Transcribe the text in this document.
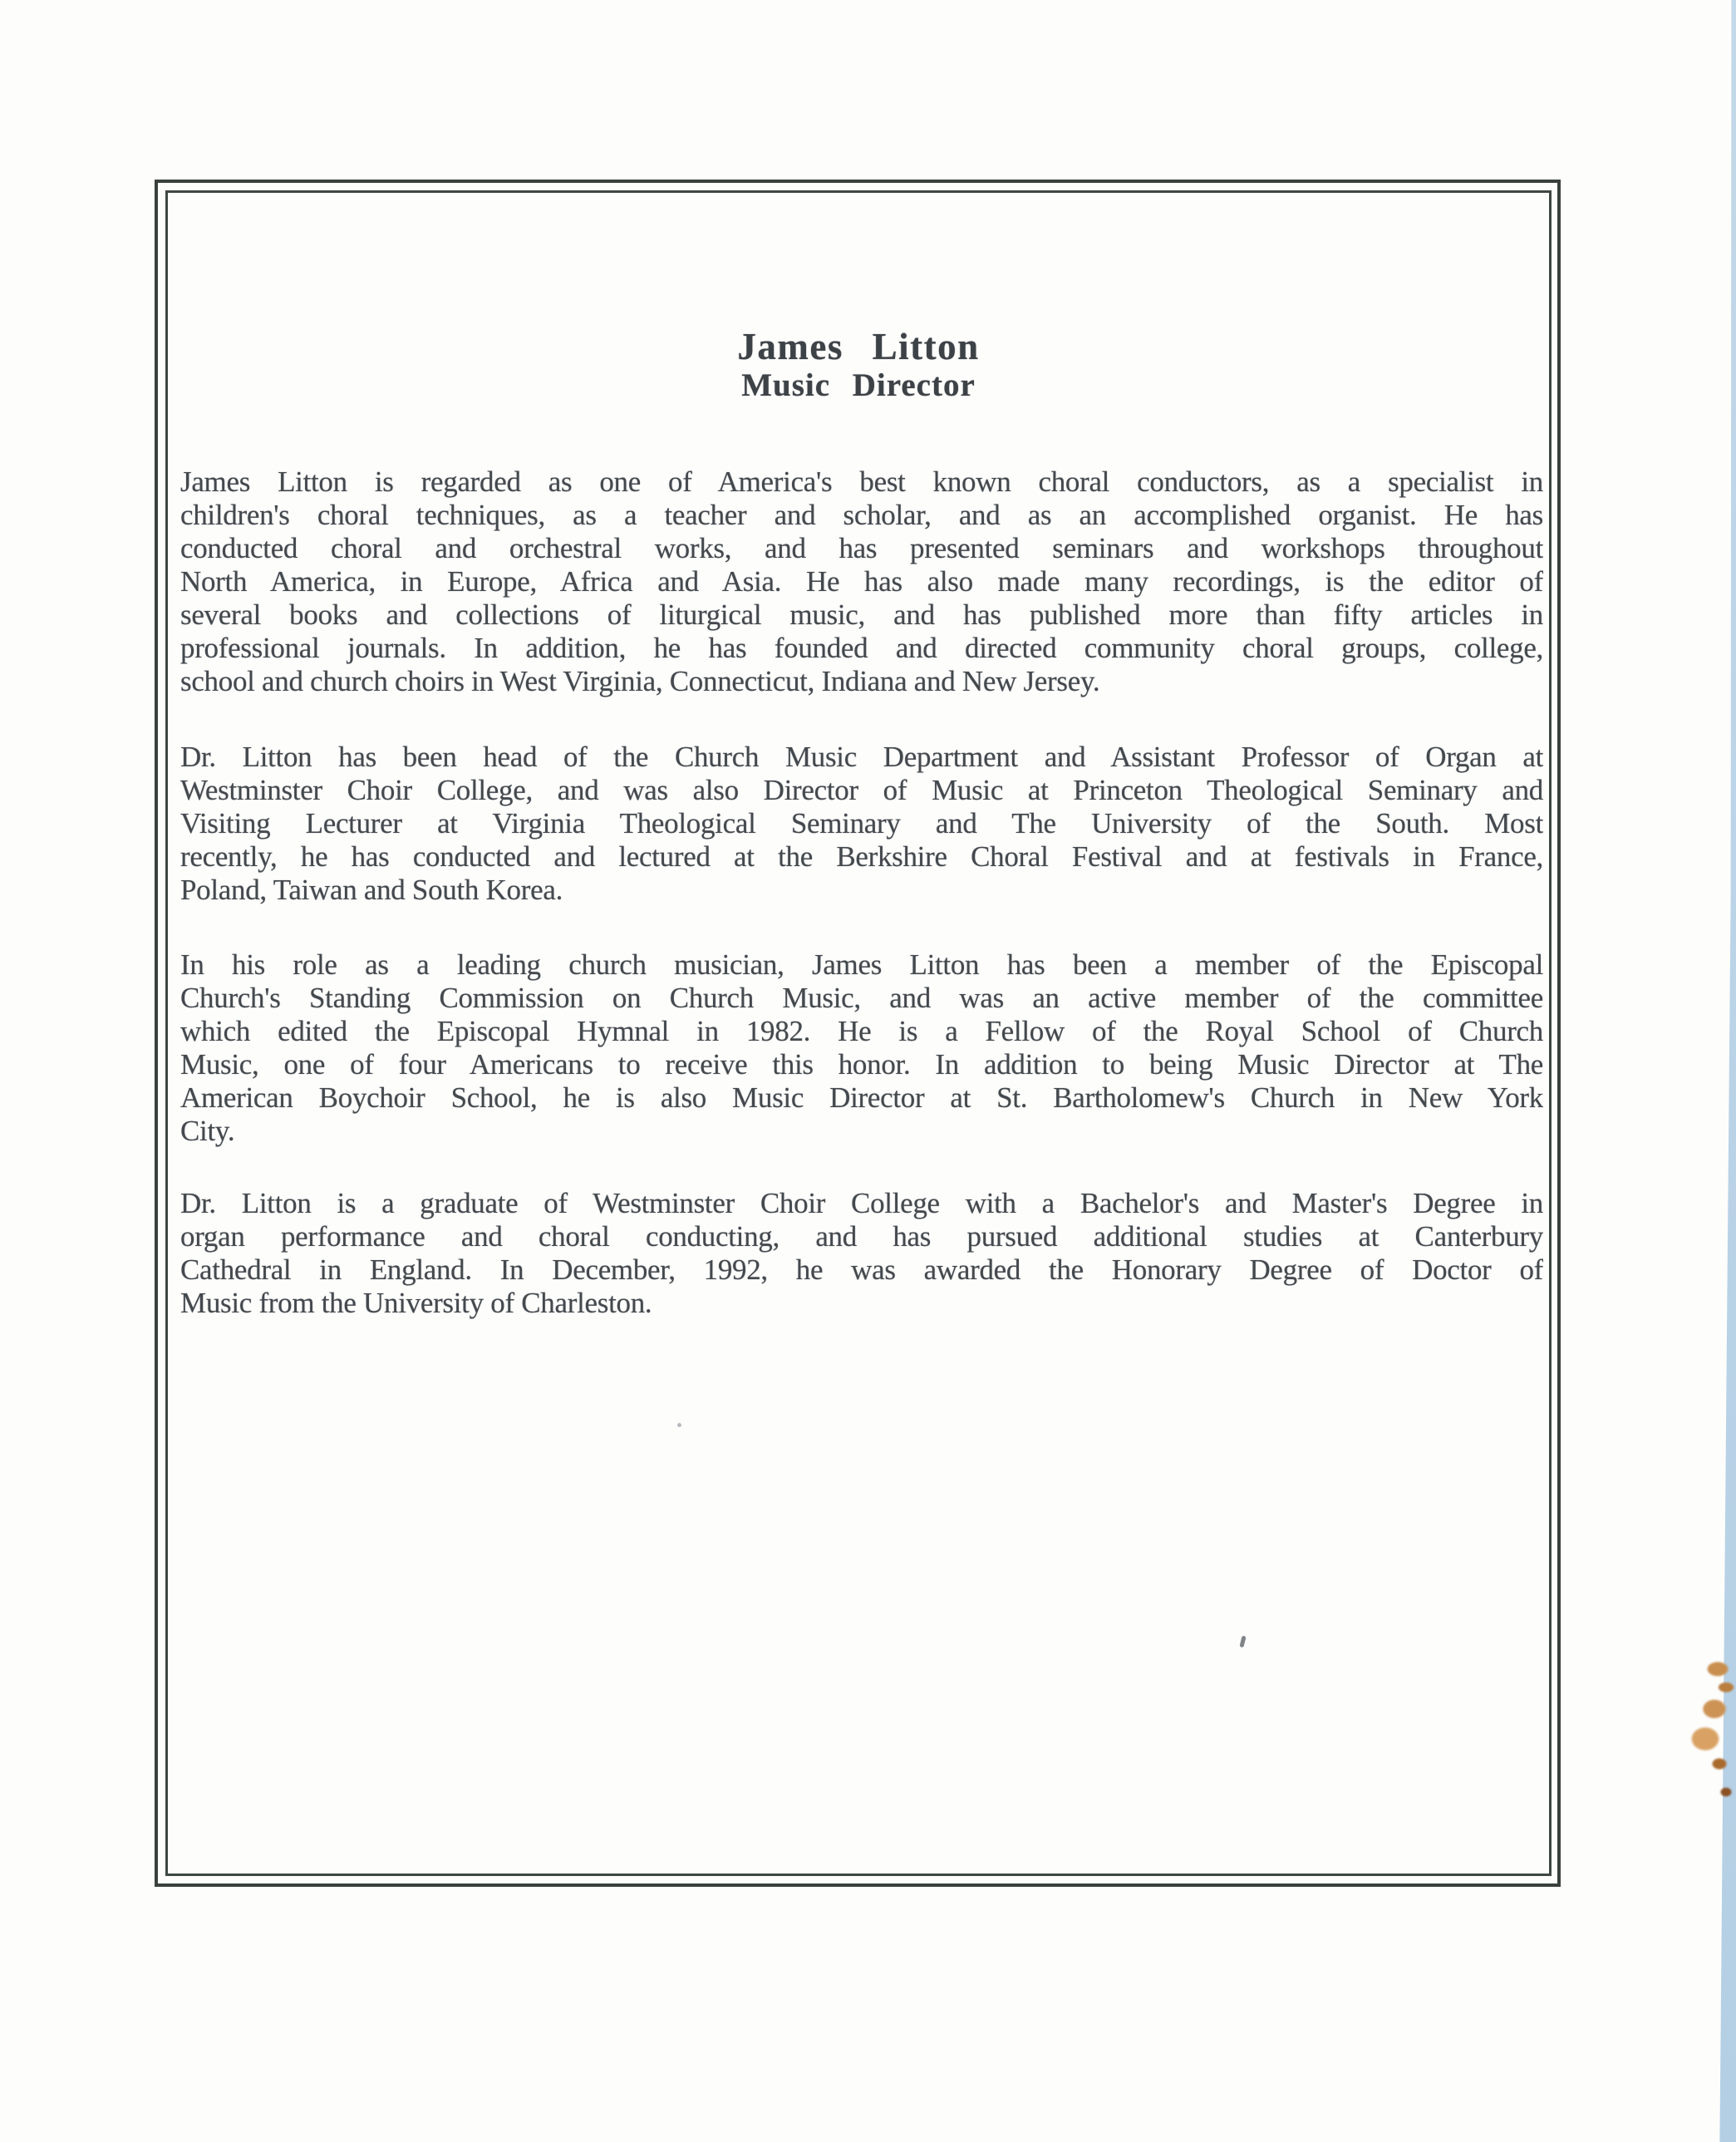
James Litton
Music Director
James Litton is regarded as one of America's best known choral conductors, as a specialist in
children's choral techniques, as a teacher and scholar, and as an accomplished organist. He has
conducted choral and orchestral works, and has presented seminars and workshops throughout
North America, in Europe, Africa and Asia. He has also made many recordings, is the editor of
several books and collections of liturgical music, and has published more than fifty articles in
professional journals. In addition, he has founded and directed community choral groups, college,
school and church choirs in West Virginia, Connecticut, Indiana and New Jersey.
Dr. Litton has been head of the Church Music Department and Assistant Professor of Organ at
Westminster Choir College, and was also Director of Music at Princeton Theological Seminary and
Visiting Lecturer at Virginia Theological Seminary and The University of the South. Most
recently, he has conducted and lectured at the Berkshire Choral Festival and at festivals in France,
Poland, Taiwan and South Korea.
In his role as a leading church musician, James Litton has been a member of the Episcopal
Church's Standing Commission on Church Music, and was an active member of the committee
which edited the Episcopal Hymnal in 1982. He is a Fellow of the Royal School of Church
Music, one of four Americans to receive this honor. In addition to being Music Director at The
American Boychoir School, he is also Music Director at St. Bartholomew's Church in New York
City.
Dr. Litton is a graduate of Westminster Choir College with a Bachelor's and Master's Degree in
organ performance and choral conducting, and has pursued additional studies at Canterbury
Cathedral in England. In December, 1992, he was awarded the Honorary Degree of Doctor of
Music from the University of Charleston.
